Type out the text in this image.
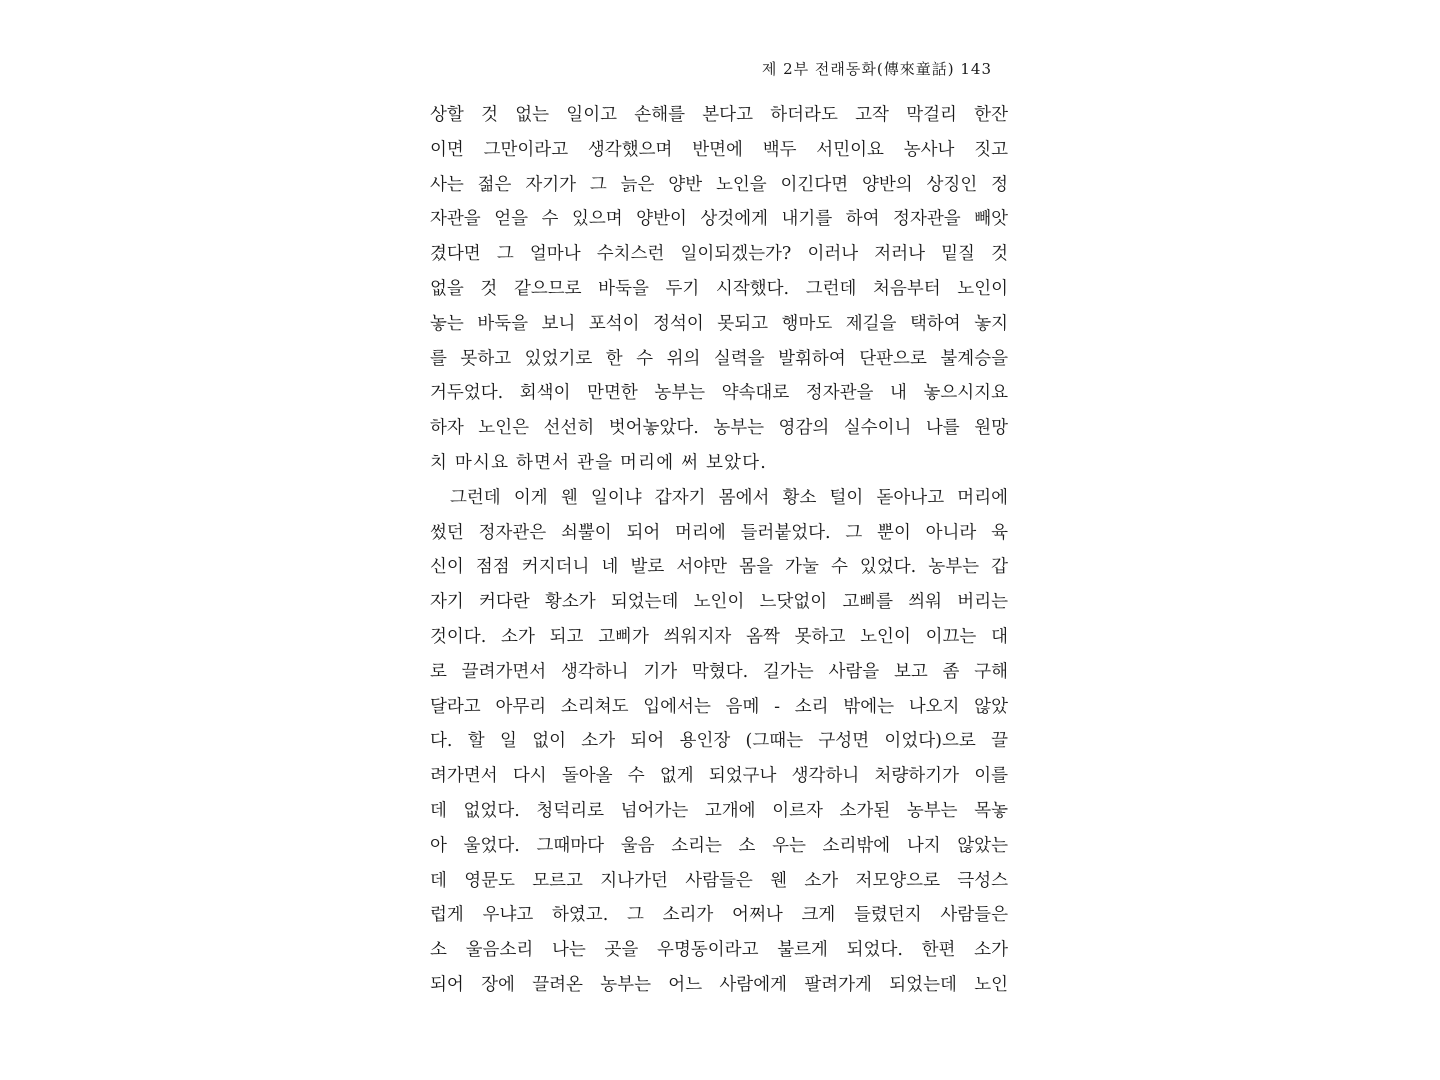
제 2부 전래동화(傳來童話) 143
상할 것 없는 일이고 손해를 본다고 하더라도 고작 막걸리 한잔
이면 그만이라고 생각했으며 반면에 백두 서민이요 농사나 짓고
사는 젊은 자기가 그 늙은 양반 노인을 이긴다면 양반의 상징인 정
자관을 얻을 수 있으며 양반이 상것에게 내기를 하여 정자관을 빼앗
겼다면 그 얼마나 수치스런 일이되겠는가? 이러나 저러나 밑질 것
없을 것 같으므로 바둑을 두기 시작했다. 그런데 처음부터 노인이
놓는 바둑을 보니 포석이 정석이 못되고 행마도 제길을 택하여 놓지
를 못하고 있었기로 한 수 위의 실력을 발휘하여 단판으로 불계승을
거두었다. 회색이 만면한 농부는 약속대로 정자관을 내 놓으시지요
하자 노인은 선선히 벗어놓았다. 농부는 영감의 실수이니 나를 원망
치 마시요 하면서 관을 머리에 써 보았다.
그런데 이게 웬 일이냐 갑자기 몸에서 황소 털이 돋아나고 머리에
썼던 정자관은 쇠뿔이 되어 머리에 들러붙었다. 그 뿐이 아니라 육
신이 점점 커지더니 네 발로 서야만 몸을 가눌 수 있었다. 농부는 갑
자기 커다란 황소가 되었는데 노인이 느닷없이 고삐를 씌워 버리는
것이다. 소가 되고 고삐가 씌워지자 옴짝 못하고 노인이 이끄는 대
로 끌려가면서 생각하니 기가 막혔다. 길가는 사람을 보고 좀 구해
달라고 아무리 소리쳐도 입에서는 음메 - 소리 밖에는 나오지 않았
다. 할 일 없이 소가 되어 용인장 (그때는 구성면 이었다)으로 끌
려가면서 다시 돌아올 수 없게 되었구나 생각하니 처량하기가 이를
데 없었다. 청덕리로 넘어가는 고개에 이르자 소가된 농부는 목놓
아 울었다. 그때마다 울음 소리는 소 우는 소리밖에 나지 않았는
데 영문도 모르고 지나가던 사람들은 웬 소가 저모양으로 극성스
럽게 우냐고 하였고. 그 소리가 어쩌나 크게 들렸던지 사람들은
소 울음소리 나는 곳을 우명동이라고 불르게 되었다. 한편 소가
되어 장에 끌려온 농부는 어느 사람에게 팔려가게 되었는데 노인
